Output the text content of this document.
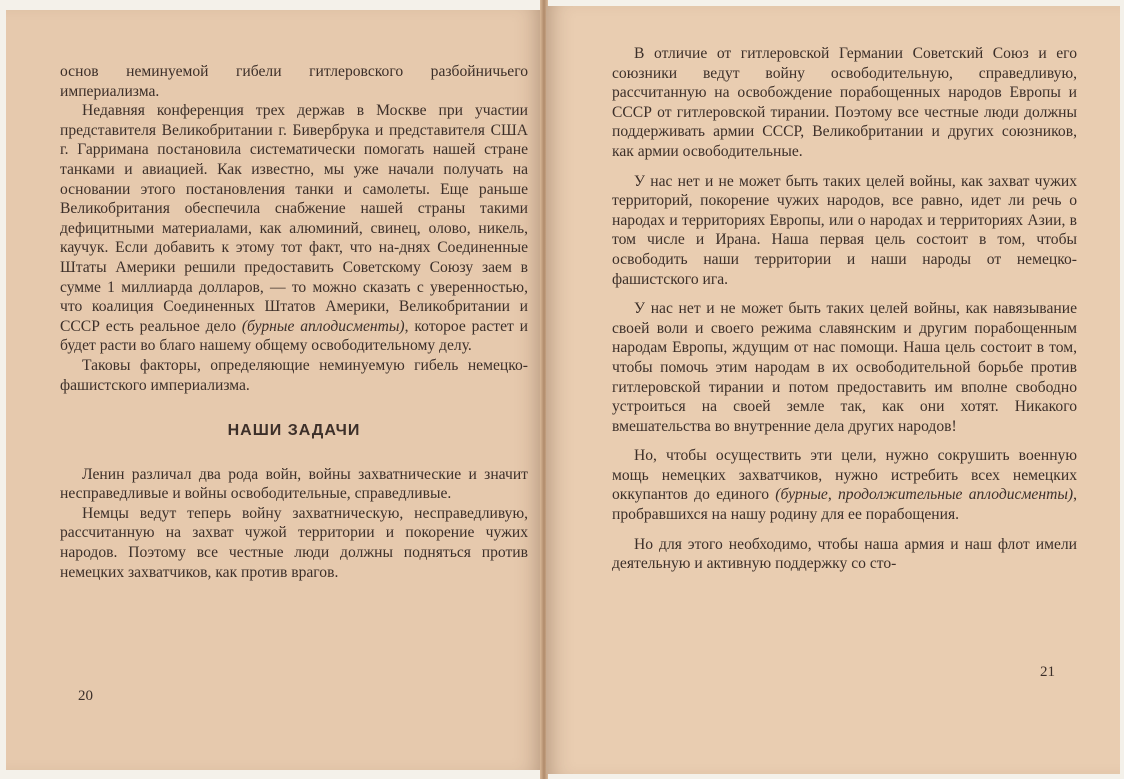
основ неминуемой гибели гитлеровского разбойничьего империализма.

Недавняя конференция трех держав в Москве при участии представителя Великобритании г. Бивербрука и представителя США г. Гарримана постановила систематически помогать нашей стране танками и авиацией. Как известно, мы уже начали получать на основании этого постановления танки и самолеты. Еще раньше Великобритания обеспечила снабжение нашей страны такими дефицитными материалами, как алюминий, свинец, олово, никель, каучук. Если добавить к этому тот факт, что на-днях Соединенные Штаты Америки решили предоставить Советскому Союзу заем в сумме 1 миллиарда долларов, — то можно сказать с уверенностью, что коалиция Соединенных Штатов Америки, Великобритании и СССР есть реальное дело (бурные аплодисменты), которое растет и будет расти во благо нашему общему освободительному делу.

Таковы факторы, определяющие неминуемую гибель немецко-фашистского империализма.

НАШИ ЗАДАЧИ

Ленин различал два рода войн, войны захватнические и значит несправедливые и войны освободительные, справедливые.

Немцы ведут теперь войну захватническую, несправедливую, рассчитанную на захват чужой территории и покорение чужих народов. Поэтому все честные люди должны подняться против немецких захватчиков, как против врагов.

20

В отличие от гитлеровской Германии Советский Союз и его союзники ведут войну освободительную, справедливую, рассчитанную на освобождение порабощенных народов Европы и СССР от гитлеровской тирании. Поэтому все честные люди должны поддерживать армии СССР, Великобритании и других союзников, как армии освободительные.

У нас нет и не может быть таких целей войны, как захват чужих территорий, покорение чужих народов, все равно, идет ли речь о народах и территориях Европы, или о народах и территориях Азии, в том числе и Ирана. Наша первая цель состоит в том, чтобы освободить наши территории и наши народы от немецко-фашистского ига.

У нас нет и не может быть таких целей войны, как навязывание своей воли и своего режима славянским и другим порабощенным народам Европы, ждущим от нас помощи. Наша цель состоит в том, чтобы помочь этим народам в их освободительной борьбе против гитлеровской тирании и потом предоставить им вполне свободно устроиться на своей земле так, как они хотят. Никакого вмешательства во внутренние дела других народов!

Но, чтобы осуществить эти цели, нужно сокрушить военную мощь немецких захватчиков, нужно истребить всех немецких оккупантов до единого (бурные, продолжительные аплодисменты), пробравшихся на нашу родину для ее порабощения.

Но для этого необходимо, чтобы наша армия и наш флот имели деятельную и активную поддержку со сто-

21
